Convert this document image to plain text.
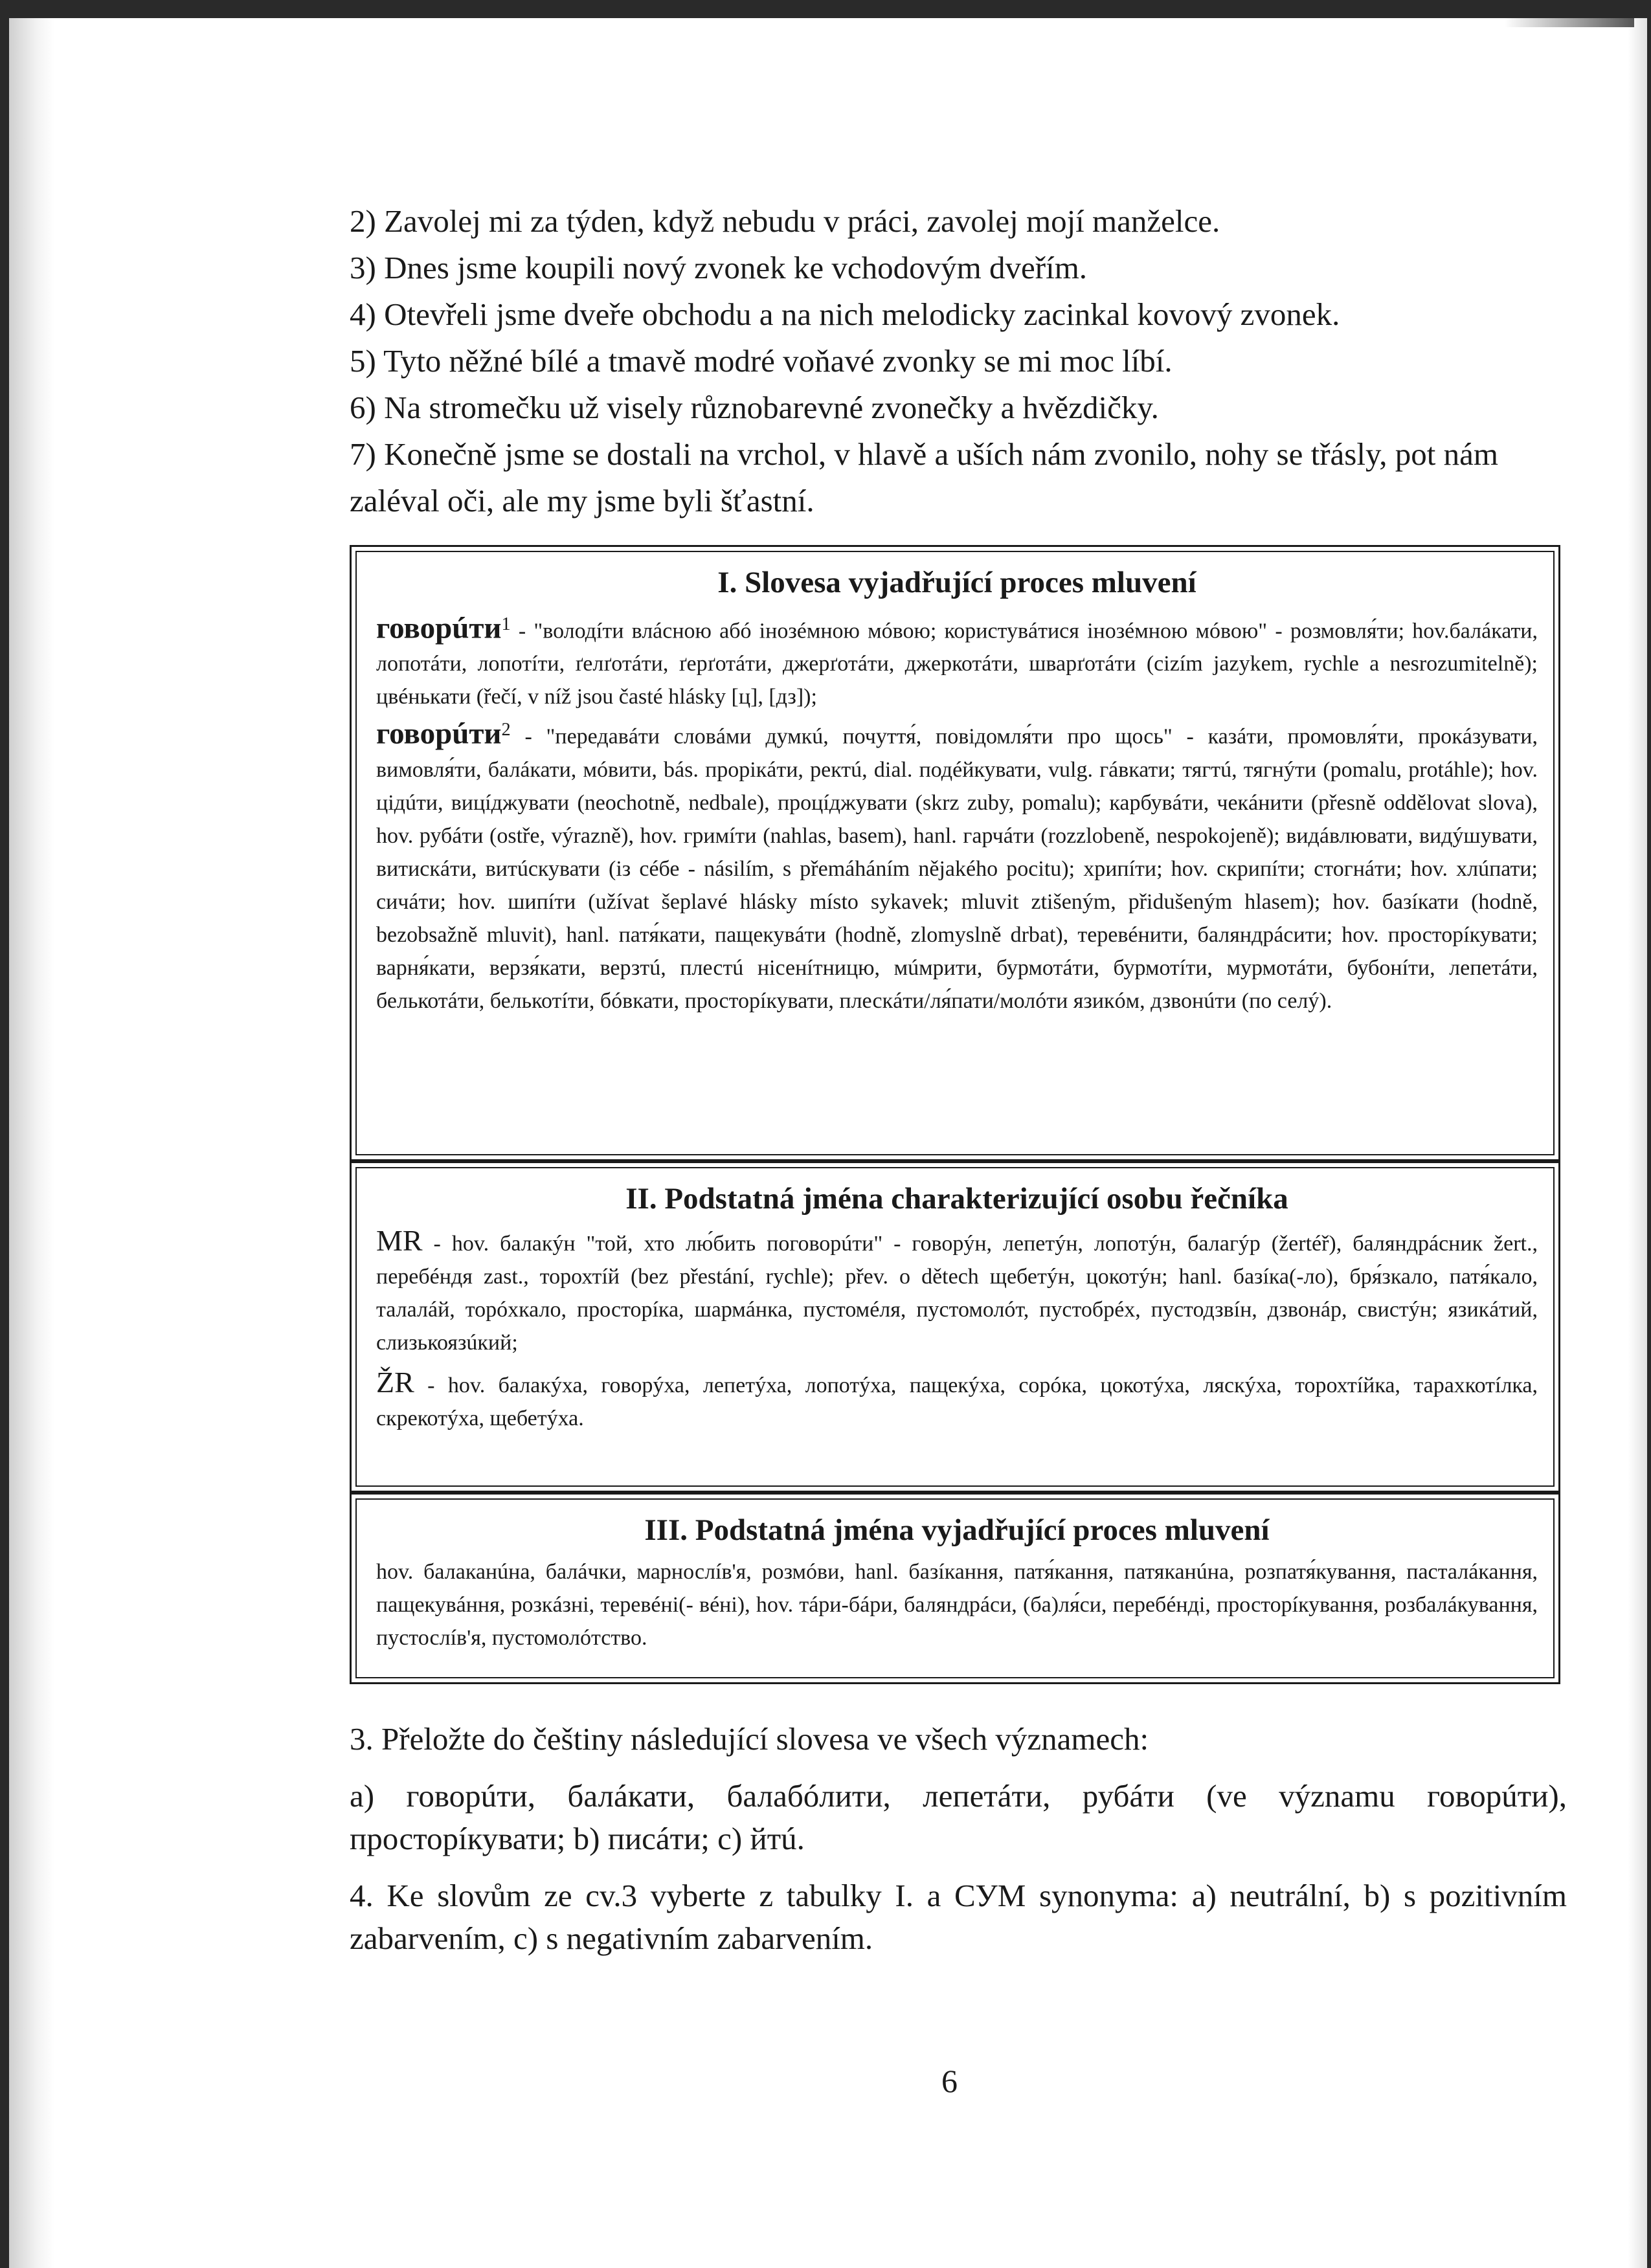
2) Zavolej mi za týden, když nebudu v práci, zavolej mojí manželce.
3) Dnes jsme koupili nový zvonek ke vchodovým dveřím.
4) Otevřeli jsme dveře obchodu a na nich melodicky zacinkal kovový zvonek.
5) Tyto něžné bílé a tmavě modré voňavé zvonky se mi moc líbí.
6) Na stromečku už visely různobarevné zvonečky a hvězdičky.
7) Konečně jsme se dostali na vrchol, v hlavě a uších nám zvonilo, nohy se třásly, pot nám zaléval oči, ale my jsme byli šťastní.
I. Slovesa vyjadřující proces mluvení

говорúти$^1$ - "володíти влáсною абó інозéмною мóвою; користувáтися інозéмною мóвою" - розмовля́ти; hov.балáкати, лопотáти, лопотíти, ґелґотáти, ґерґотáти, джерґотáти, джеркотáти, шварґотáти (cizím jazykem, rychle a nesrozumitelně); цвéнькати (řečí, v níž jsou časté hlásky [ц], [дз]);

говорúти$^2$ - "передавáти словáми думкú, почуття́, повідомля́ти про щось" - казáти, промовля́ти, прокáзувати, вимовля́ти, балáкати, мóвити, bás. прорікáти, ректú, dial. подéйкувати, vulg. гáвкати; тягтú, тягнýти (pomalu, protáhle); hov. цідúти, вицíджувати (neochotně, nedbale), процíджувати (skrz zuby, pomalu); карбувáти, чекáнити (přesně oddělovat slova), hov. рубáти (ostře, výrazně), hov. гримíти (nahlas, basem), hanl. гарчáти (rozzlobeně, nespokojeně); видáвлювати, видýшувати, витискáти, витúскувати (із сéбе - násilím, s přemáháním nějakého pocitu); хрипíти; hov. скрипíти; стогнáти; hov. хлúпати; сичáти; hov. шипíти (užívat šeplavé hlásky místo sykavek; mluvit ztišeným, přidušeným hlasem); hov. базíкати (hodně, bezobsažně mluvit), hanl. патя́кати, пащекувáти (hodně, zlomyslně drbat), теревéнити, баляндрáсити; hov. просторíкувати; варня́кати, верзя́кати, верзтú, плестú нісенíтницю, мúмрити, бурмотáти, бурмотíти, мурмотáти, бубонíти, лепетáти, белькотáти, белькотíти, бóвкати, просторíкувати, плескáти/ля́пати/молóти язикóм, дзвонúти (по селý).

II. Podstatná jména charakterizující osobu řečníka

MR - hov. балакýн "той, хто лю́бить поговорúти" - говорýн, лепетýн, лопотýн, балагýр (žertéř), баляндрáсник žert., перебéндя zast., торохтíй (bez přestání, rychle); přev. o dětech щебетýн, цокотýн; hanl. базíка(-ло), бря́зкало, патя́кало, талалáй, торóхкало, просторíка, шармáнка, пустомéля, пустомолóт, пустобрéх, пустодзвíн, дзвонáр, свистýн; язикáтий, слизькоязúкий;

ŽR - hov. балакýха, говорýха, лепетýха, лопотýха, пащекýха, сорóка, цокотýха, ляскýха, торохтíйка, тарахкотíлка, скрекотýха, щебетýха.

III. Podstatná jména vyjadřující proces mluvení

hov. балаканúна, балáчки, марнослíв'я, розмóви, hanl. базíкання, патя́кання, патяканúна, розпатя́кування, пасталáкання, пащекувáння, розкáзні, теревéні(- вéні), hov. тáри-бáри, баляндрáси, (ба)ля́си, перебéнді, просторíкування, розбалáкування, пустослíв'я, пустомолóтство.

3. Přeložte do češtiny následující slovesa ve všech významech:
a) говорúти, балáкати, балабóлити, лепетáти, рубáти (ve významu говорúти), просторíкувати; b) писáти; c) йтú.
4. Ke slovům ze cv.3 vyberte z tabulky I. a СУМ synonyma: a) neutrální, b) s pozitivním zabarvením, c) s negativním zabarvením.
6
